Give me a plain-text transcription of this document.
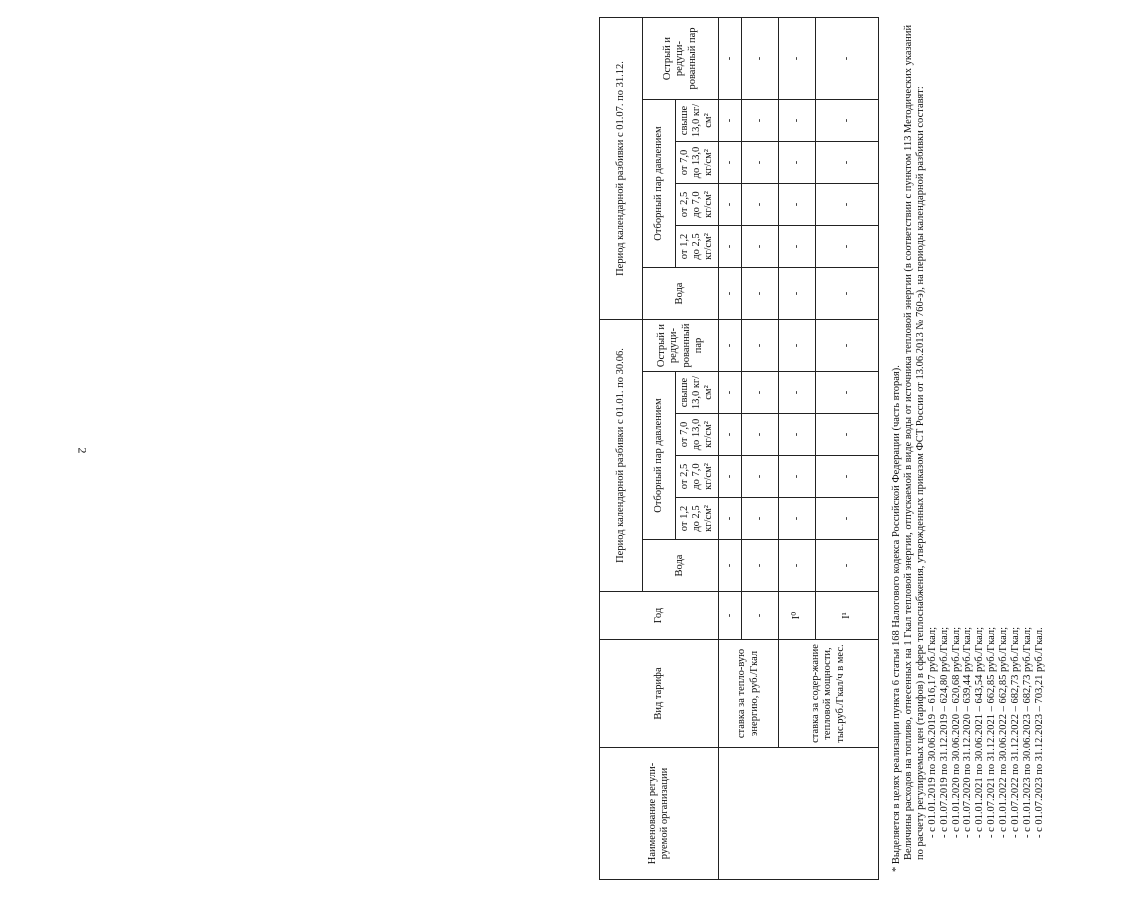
2
Наименование регули-руемой организации	Вид тарифа	Год	Период календарной разбивки с 01.01. по 30.06.						Период календарной разбивки с 01.07. по 31.12.					
			Вода	Отборный пар давлением				Острый и редуци-рованный пар	Вода	Отборный пар давлением				Острый и редуци-рованный пар
				от 1,2 до 2,5 кг/см²	от 2,5 до 7,0 кг/см²	от 7,0 до 13,0 кг/см²	свыше 13,0 кг/см²			от 1,2 до 2,5 кг/см²	от 2,5 до 7,0 кг/см²	от 7,0 до 13,0 кг/см²	свыше 13,0 кг/см²	
	ставка за тепло-вую энергию, руб./Гкал	-	-	-	-	-	-	-	-	-	-	-	-	-
		-	-	-	-	-	-	-	-	-	-	-	-	-
	ставка за содер-жание тепловой мощности, тыс.руб./Гкал/ч в мес.	I⁰	-	-	-	-	-	-	-	-	-	-	-	-
		I¹	-	-	-	-	-	-	-	-	-	-	-	-

* Выделяется в целях реализации пункта 6 статьи 168 Налогового кодекса Российской Федерации (часть вторая). Величины расходов на топливо, отнесенных на 1 Гкал тепловой энергии, отпускаемой в виде воды от источника тепловой энергии (в соответствии с пунктом 113 Методических указаний по расчету регулируемых цен (тарифов) в сфере теплоснабжения, утвержденных приказом ФСТ России от 13.06.2013 № 760-э), на периоды календарной разбивки составят: - с 01.01.2019 по 30.06.2019 – 616,17 руб./Гкал; - с 01.07.2019 по 31.12.2019 – 624,80 руб./Гкал; - с 01.01.2020 по 30.06.2020 – 620,68 руб./Гкал; - с 01.07.2020 по 31.12.2020 – 639,44 руб./Гкал; - с 01.01.2021 по 30.06.2021 – 643,54 руб./Гкал; - с 01.07.2021 по 31.12.2021 – 662,85 руб./Гкал; - с 01.01.2022 по 30.06.2022 – 662,85 руб./Гкал; - с 01.07.2022 по 31.12.2022 – 682,73 руб./Гкал; - с 01.01.2023 по 30.06.2023 – 682,73 руб./Гкал; - с 01.07.2023 по 31.12.2023 – 703,21 руб./Гкал.
